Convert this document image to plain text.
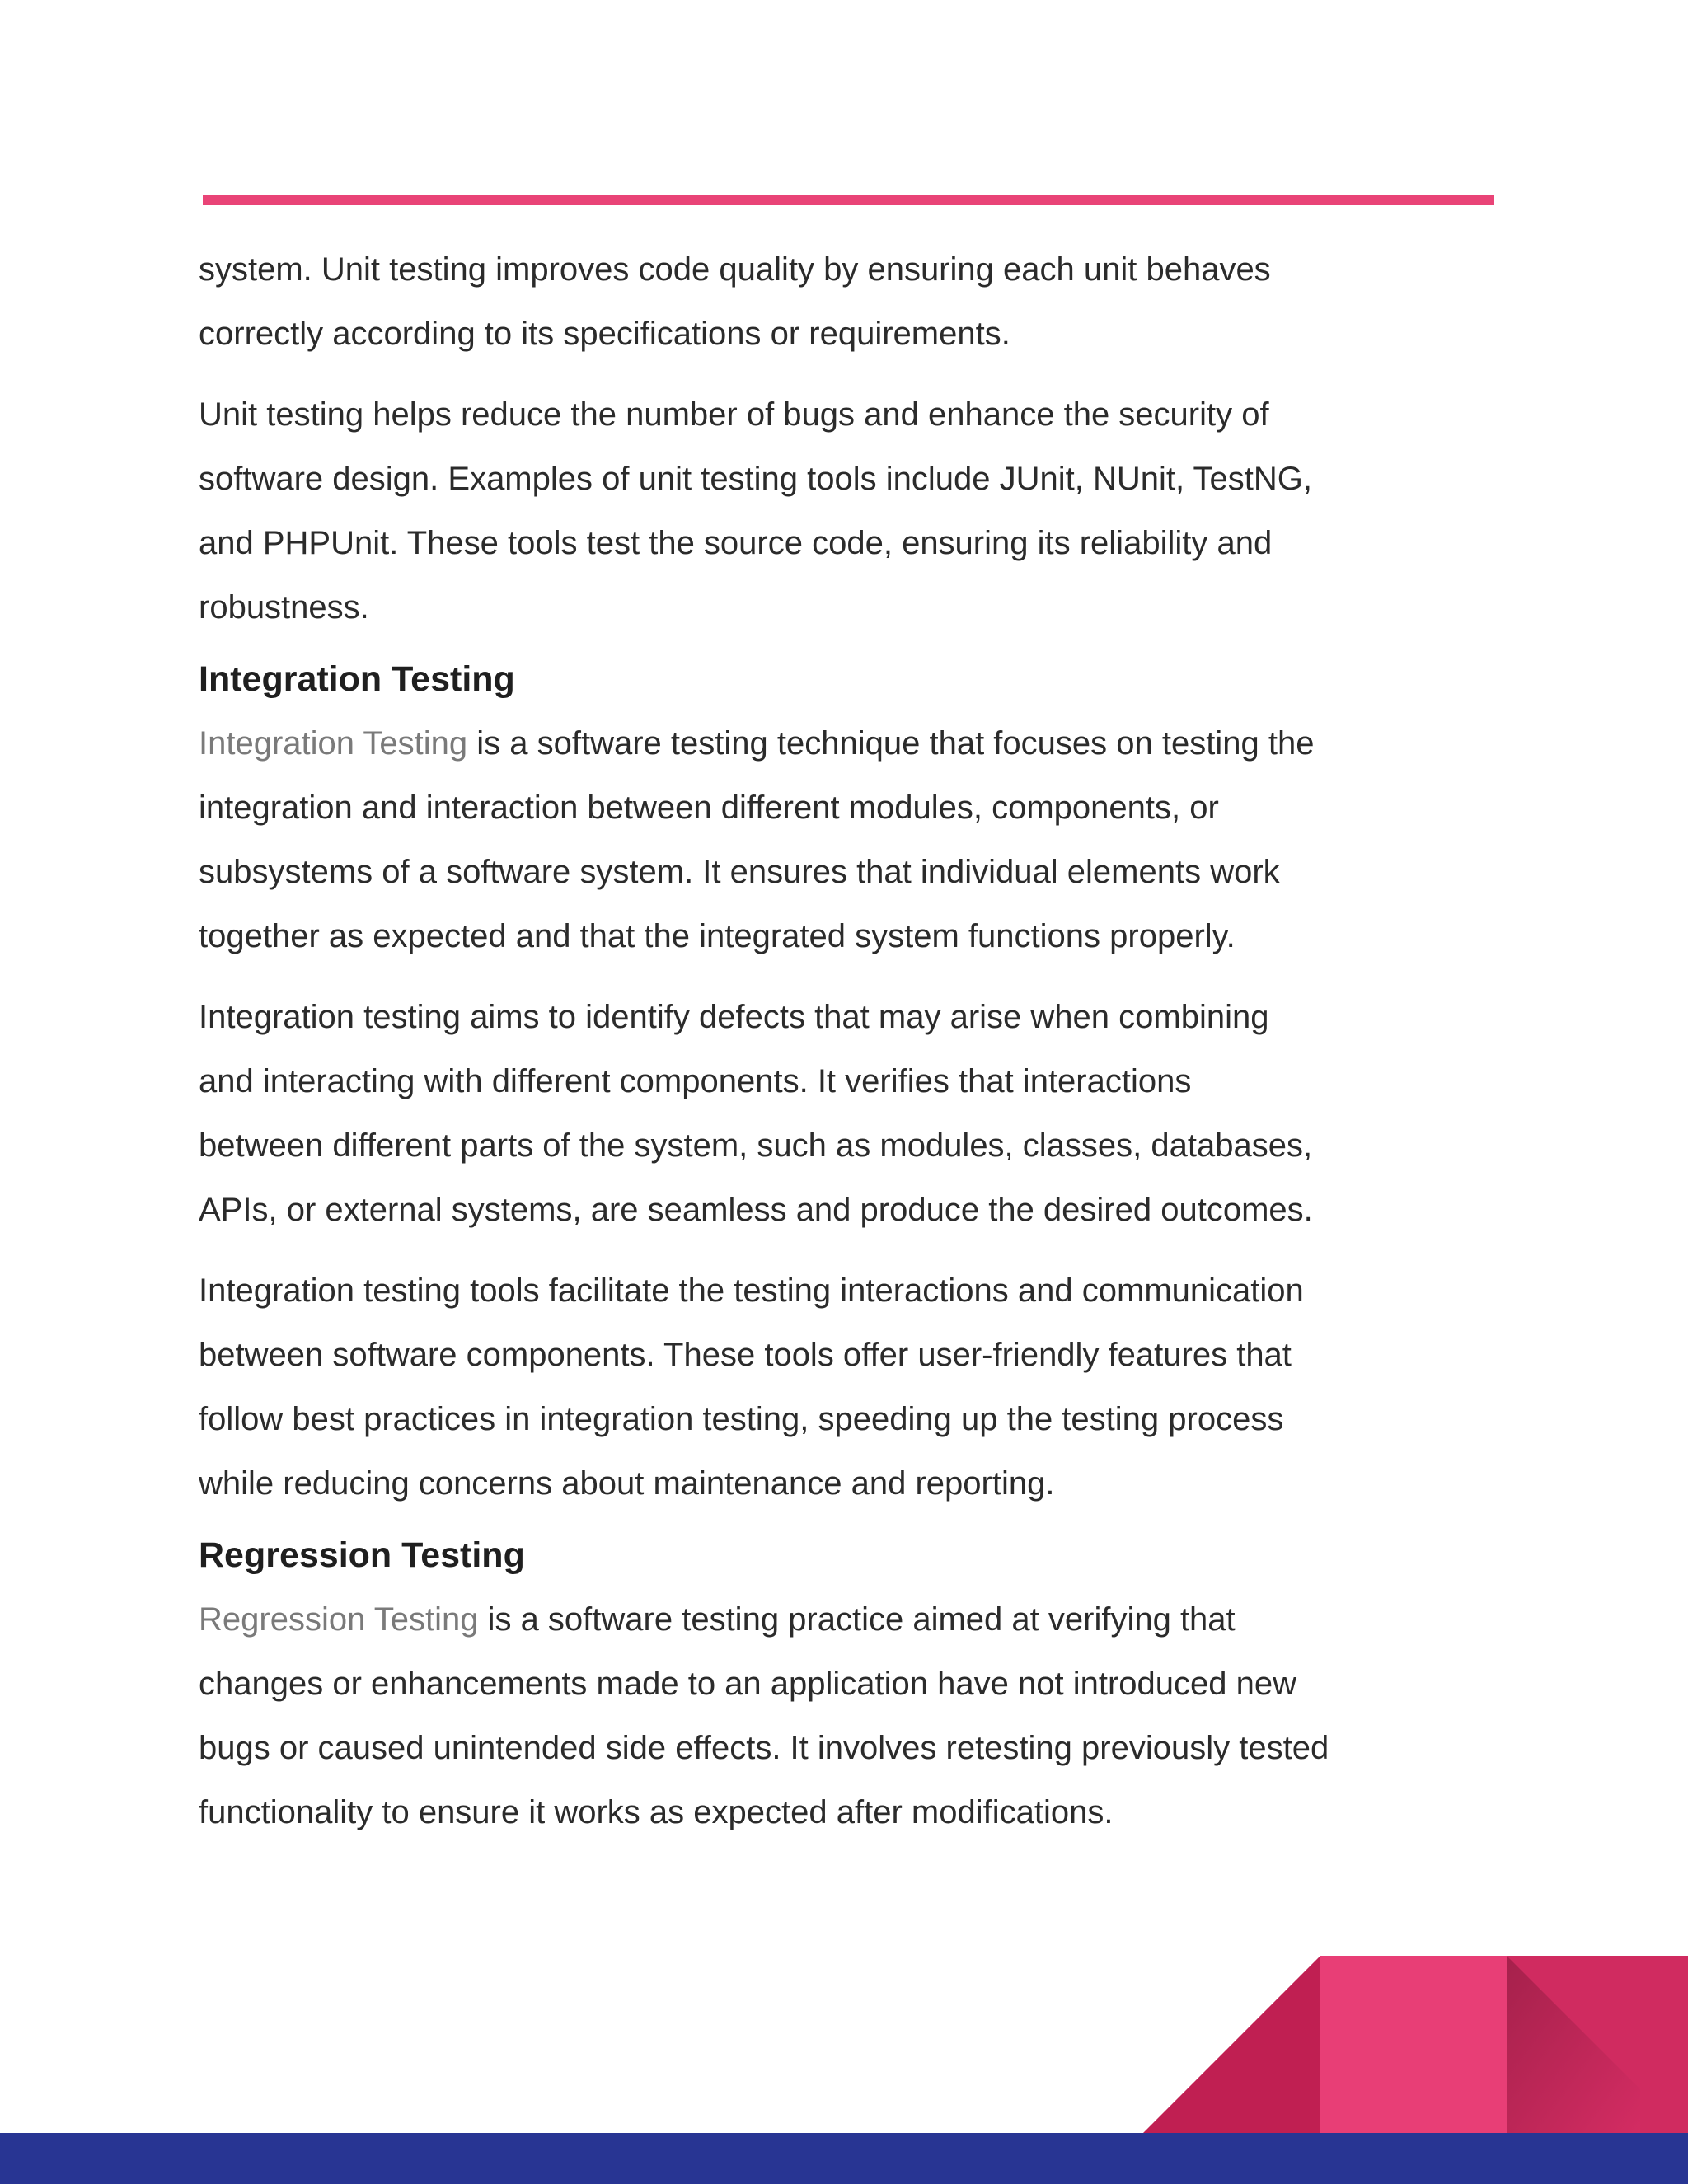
system. Unit testing improves code quality by ensuring each unit behaves
correctly according to its specifications or requirements.

Unit testing helps reduce the number of bugs and enhance the security of
software design. Examples of unit testing tools include JUnit, NUnit, TestNG,
and PHPUnit. These tools test the source code, ensuring its reliability and
robustness.

Integration Testing

Integration Testing is a software testing technique that focuses on testing the
integration and interaction between different modules, components, or
subsystems of a software system. It ensures that individual elements work
together as expected and that the integrated system functions properly.

Integration testing aims to identify defects that may arise when combining
and interacting with different components. It verifies that interactions
between different parts of the system, such as modules, classes, databases,
APIs, or external systems, are seamless and produce the desired outcomes.

Integration testing tools facilitate the testing interactions and communication
between software components. These tools offer user-friendly features that
follow best practices in integration testing, speeding up the testing process
while reducing concerns about maintenance and reporting.

Regression Testing

Regression Testing is a software testing practice aimed at verifying that
changes or enhancements made to an application have not introduced new
bugs or caused unintended side effects. It involves retesting previously tested
functionality to ensure it works as expected after modifications.
